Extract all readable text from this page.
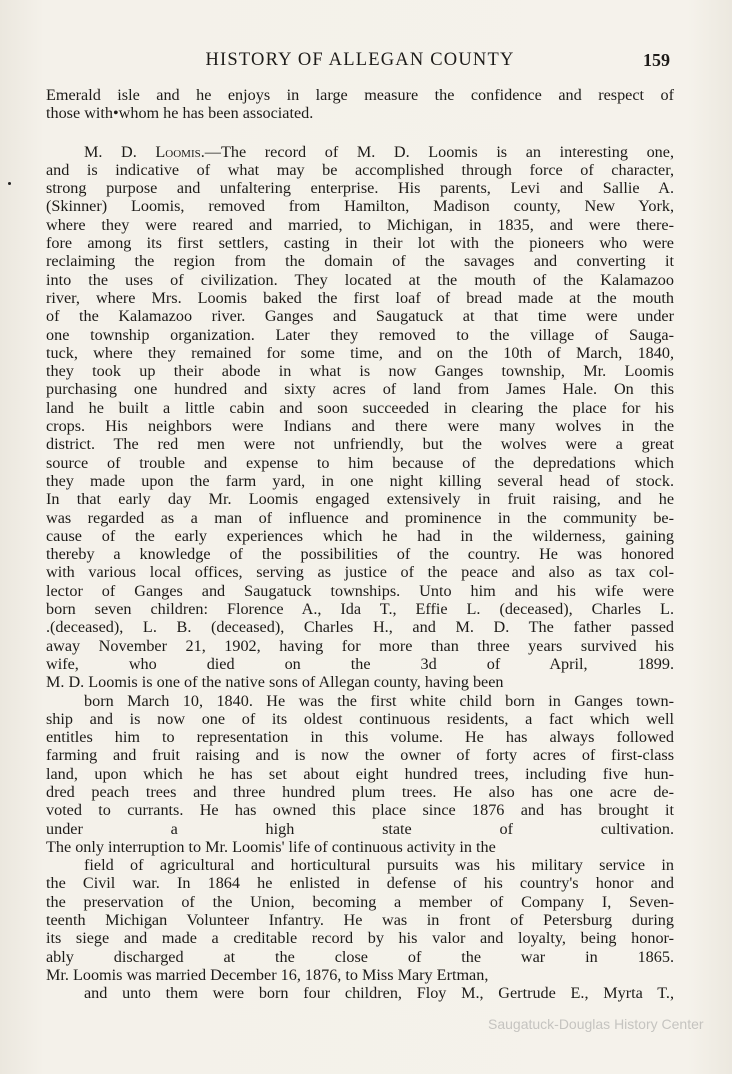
HISTORY OF ALLEGAN COUNTY	159
Emerald isle and he enjoys in large measure the confidence and respect of
those with•whom he has been associated.
M. D. Loomis.—The record of M. D. Loomis is an interesting one,
and is indicative of what may be accomplished through force of character,
strong purpose and unfaltering enterprise. His parents, Levi and Sallie A.
(Skinner) Loomis, removed from Hamilton, Madison county, New York,
where they were reared and married, to Michigan, in 1835, and were there-
fore among its first settlers, casting in their lot with the pioneers who were
reclaiming the region from the domain of the savages and converting it
into the uses of civilization. They located at the mouth of the Kalamazoo
river, where Mrs. Loomis baked the first loaf of bread made at the mouth
of the Kalamazoo river. Ganges and Saugatuck at that time were under
one township organization. Later they removed to the village of Sauga-
tuck, where they remained for some time, and on the 10th of March, 1840,
they took up their abode in what is now Ganges township, Mr. Loomis
purchasing one hundred and sixty acres of land from James Hale. On this
land he built a little cabin and soon succeeded in clearing the place for his
crops. His neighbors were Indians and there were many wolves in the
district. The red men were not unfriendly, but the wolves were a great
source of trouble and expense to him because of the depredations which
they made upon the farm yard, in one night killing several head of stock.
In that early day Mr. Loomis engaged extensively in fruit raising, and he
was regarded as a man of influence and prominence in the community be-
cause of the early experiences which he had in the wilderness, gaining
thereby a knowledge of the possibilities of the country. He was honored
with various local offices, serving as justice of the peace and also as tax col-
lector of Ganges and Saugatuck townships. Unto him and his wife were
born seven children: Florence A., Ida T., Effie L. (deceased), Charles L.
.(deceased), L. B. (deceased), Charles H., and M. D. The father passed
away November 21, 1902, having for more than three years survived his
wife, who died on the 3d of April, 1899.
M. D. Loomis is one of the native sons of Allegan county, having been
born March 10, 1840. He was the first white child born in Ganges town-
ship and is now one of its oldest continuous residents, a fact which well
entitles him to representation in this volume. He has always followed
farming and fruit raising and is now the owner of forty acres of first-class
land, upon which he has set about eight hundred trees, including five hun-
dred peach trees and three hundred plum trees. He also has one acre de-
voted to currants. He has owned this place since 1876 and has brought it
under a high state of cultivation.
The only interruption to Mr. Loomis' life of continuous activity in the
field of agricultural and horticultural pursuits was his military service in
the Civil war. In 1864 he enlisted in defense of his country's honor and
the preservation of the Union, becoming a member of Company I, Seven-
teenth Michigan Volunteer Infantry. He was in front of Petersburg during
its siege and made a creditable record by his valor and loyalty, being honor-
ably discharged at the close of the war in 1865.
Mr. Loomis was married December 16, 1876, to Miss Mary Ertman,
and unto them were born four children, Floy M., Gertrude E., Myrta T.,
Saugatuck-Douglas History Center
